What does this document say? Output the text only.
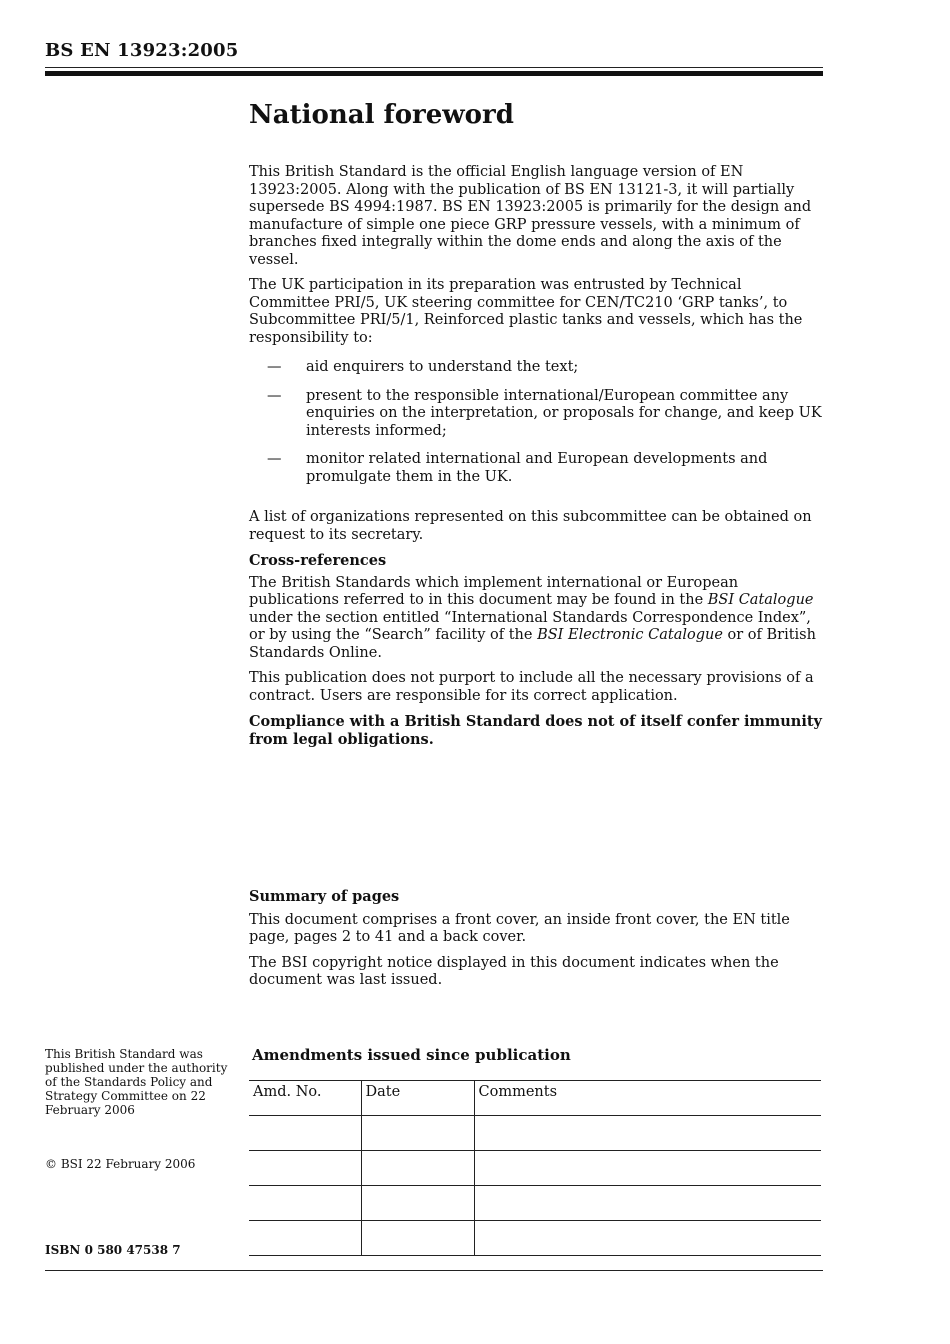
BS EN 13923:2005
National foreword

This British Standard is the official English language version of EN 13923:2005. Along with the publication of BS EN 13121-3, it will partially supersede BS 4994:1987. BS EN 13923:2005 is primarily for the design and manufacture of simple one piece GRP pressure vessels, with a minimum of branches fixed integrally within the dome ends and along the axis of the vessel.

The UK participation in its preparation was entrusted by Technical Committee PRI/5, UK steering committee for CEN/TC210 ‘GRP tanks’, to Subcommittee PRI/5/1, Reinforced plastic tanks and vessels, which has the responsibility to:

—	aid enquirers to understand the text;
—	present to the responsible international/European committee any enquiries on the interpretation, or proposals for change, and keep UK interests informed;
—	monitor related international and European developments and promulgate them in the UK.

A list of organizations represented on this subcommittee can be obtained on request to its secretary.

Cross-references

The British Standards which implement international or European publications referred to in this document may be found in the BSI Catalogue under the section entitled “International Standards Correspondence Index”, or by using the “Search” facility of the BSI Electronic Catalogue or of British Standards Online.

This publication does not purport to include all the necessary provisions of a contract. Users are responsible for its correct application.

Compliance with a British Standard does not of itself confer immunity from legal obligations.

Summary of pages

This document comprises a front cover, an inside front cover, the EN title page, pages 2 to 41 and a back cover.

The BSI copyright notice displayed in this document indicates when the document was last issued.

This British Standard was published under the authority of the Standards Policy and Strategy Committee on 22 February 2006
© BSI 22 February 2006
ISBN 0 580 47538 7
Amendments issued since publication
Amd. No.	Date	Comments
